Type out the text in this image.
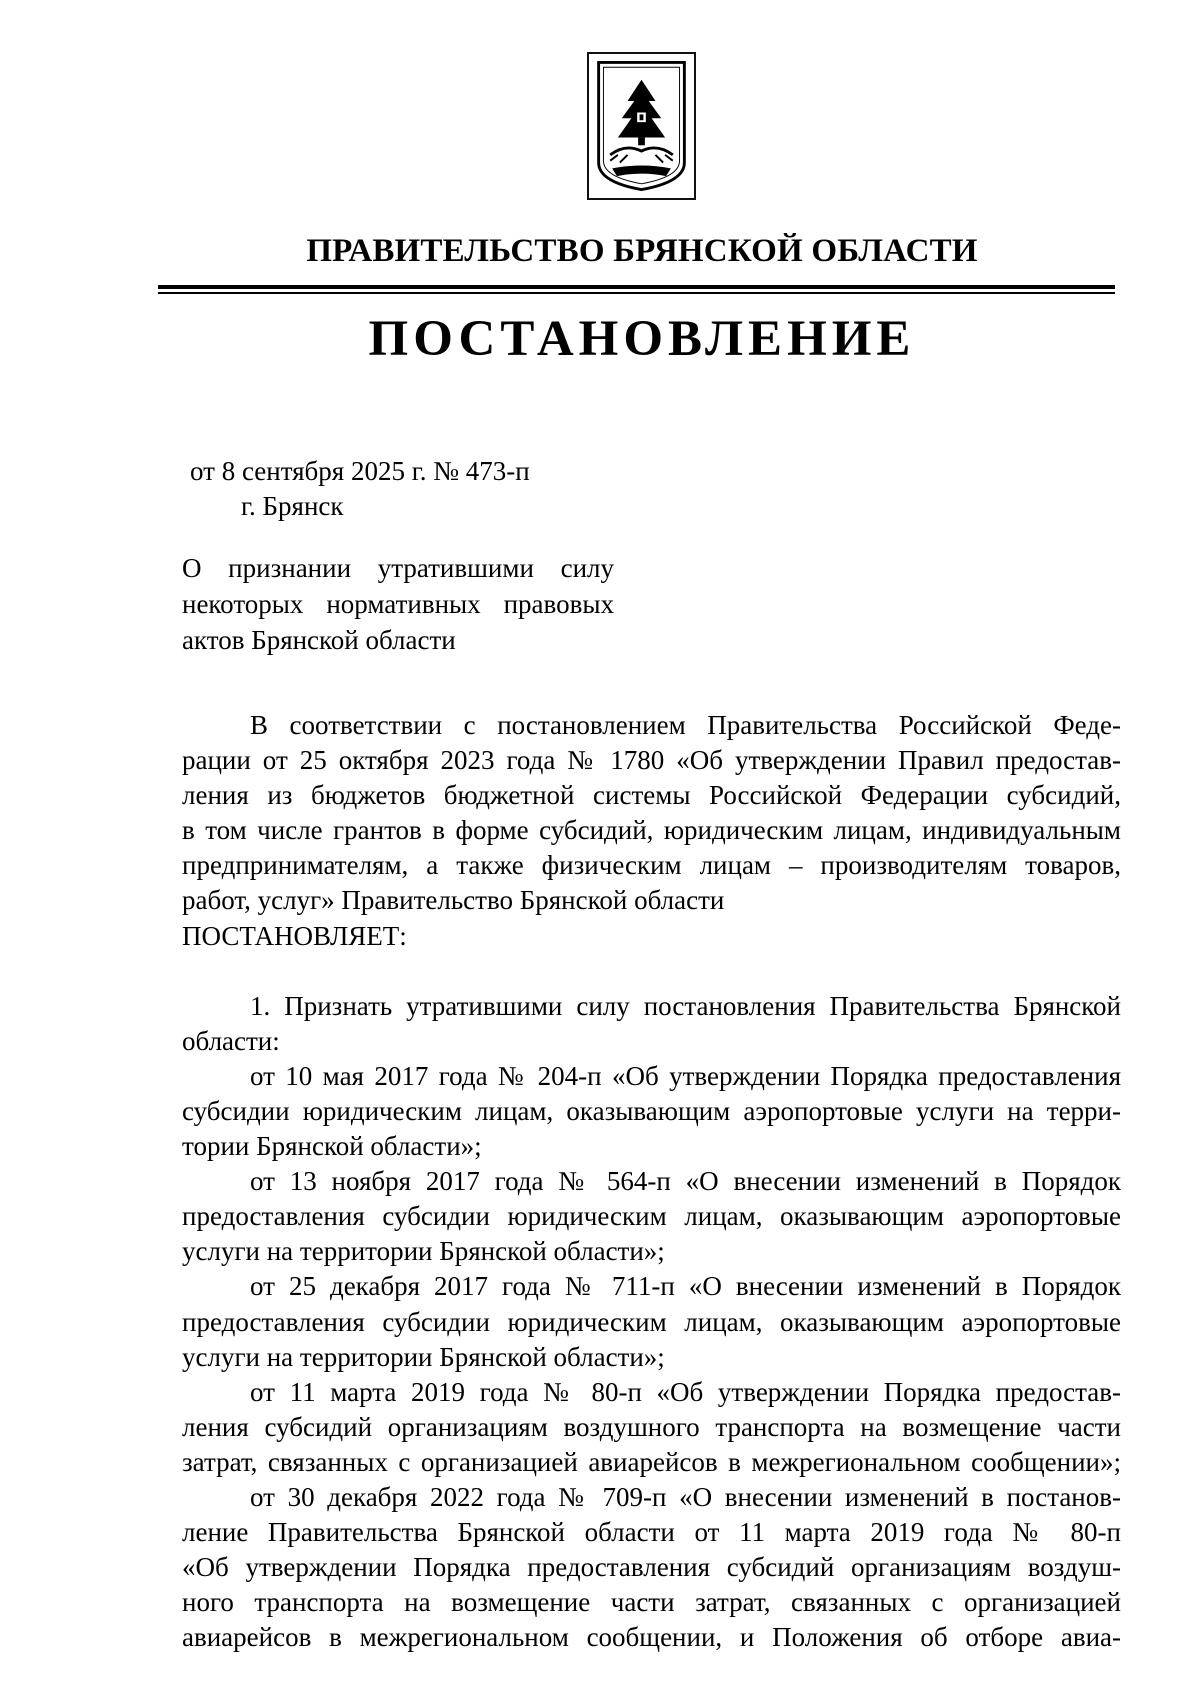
ПРАВИТЕЛЬСТВО БРЯНСКОЙ ОБЛАСТИ
ПОСТАНОВЛЕНИЕ
от 8 сентября 2025 г. № 473-п
г. Брянск
О признании утратившими силу
некоторых нормативных правовых
актов Брянской области

В соответствии с постановлением Правительства Российской Феде-
рации от 25 октября 2023 года № 1780 «Об утверждении Правил предостав-
ления из бюджетов бюджетной системы Российской Федерации субсидий,
в том числе грантов в форме субсидий, юридическим лицам, индивидуальным
предпринимателям, а также физическим лицам – производителям товаров,
работ, услуг» Правительство Брянской области
ПОСТАНОВЛЯЕТ:

1. Признать утратившими силу постановления Правительства Брянской
области:

от 10 мая 2017 года № 204-п «Об утверждении Порядка предоставления
субсидии юридическим лицам, оказывающим аэропортовые услуги на терри-
тории Брянской области»;

от 13 ноября 2017 года № 564-п «О внесении изменений в Порядок
предоставления субсидии юридическим лицам, оказывающим аэропортовые
услуги на территории Брянской области»;

от 25 декабря 2017 года № 711-п «О внесении изменений в Порядок
предоставления субсидии юридическим лицам, оказывающим аэропортовые
услуги на территории Брянской области»;

от 11 марта 2019 года № 80-п «Об утверждении Порядка предостав-
ления субсидий организациям воздушного транспорта на возмещение части
затрат, связанных с организацией авиарейсов в межрегиональном сообщении»;

от 30 декабря 2022 года № 709-п «О внесении изменений в постанов-
ление Правительства Брянской области от 11 марта 2019 года № 80-п
«Об утверждении Порядка предоставления субсидий организациям воздуш-
ного транспорта на возмещение части затрат, связанных с организацией
авиарейсов в межрегиональном сообщении, и Положения об отборе авиа-
